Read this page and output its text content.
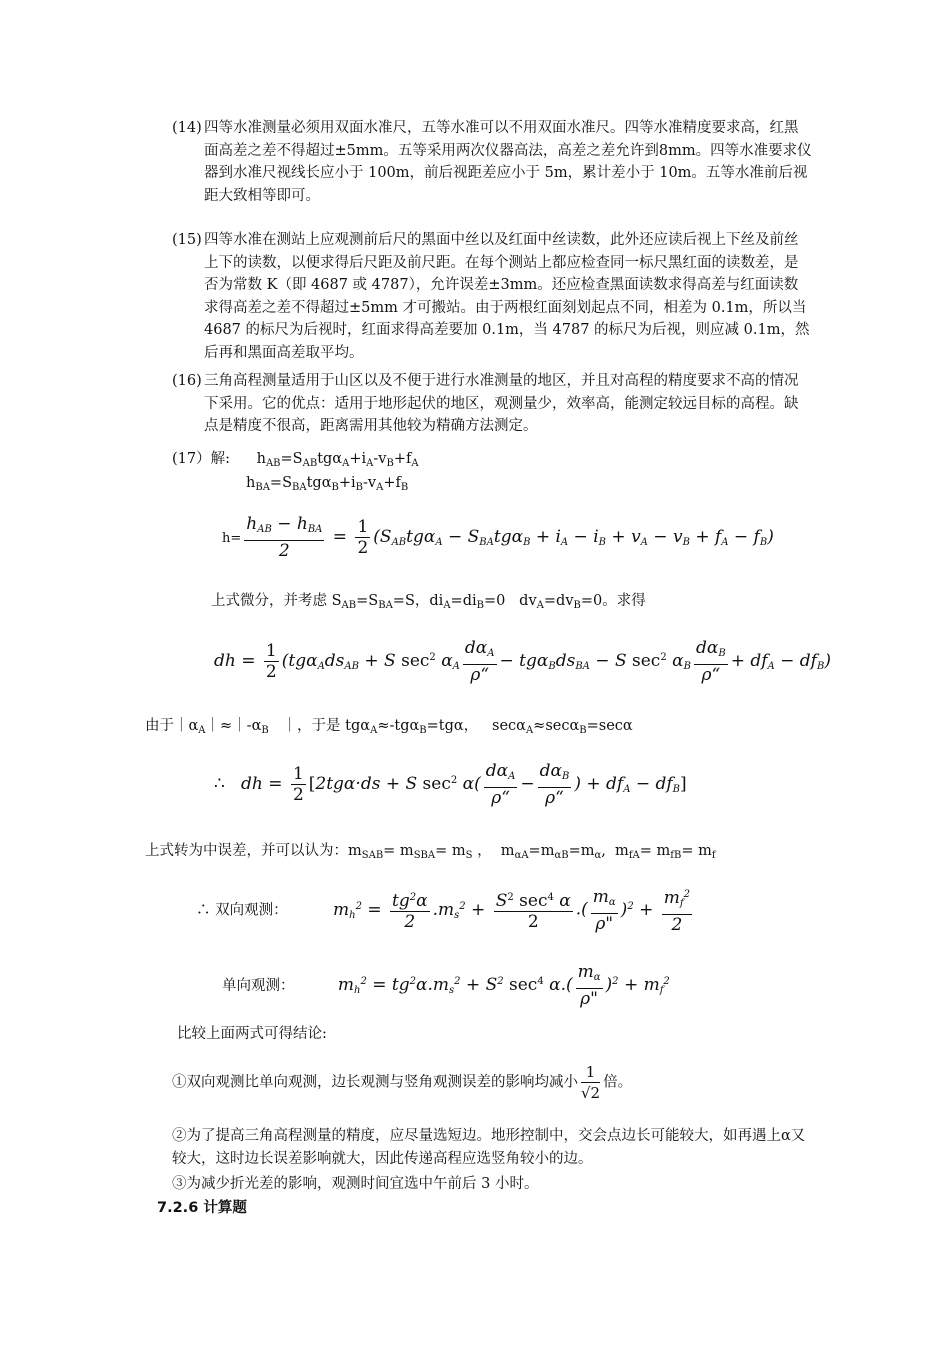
(14) 四等水准测量必须用双面水准尺，五等水准可以不用双面水准尺。四等水准精度要求高，红黑面高差之差不得超过±5mm。五等采用两次仪器高法，高差之差允许到8mm。四等水准要求仪器到水准尺视线长应小于 100m，前后视距差应小于 5m，累计差小于 10m。五等水准前后视距大致相等即可。
(15) 四等水准在测站上应观测前后尺的黑面中丝以及红面中丝读数，此外还应读后视上下丝及前丝上下的读数，以便求得后尺距及前尺距。在每个测站上都应检查同一标尺黑红面的读数差，是否为常数 K（即 4687 或 4787），允许误差±3mm。还应检查黑面读数求得高差与红面读数求得高差之差不得超过±5mm 才可搬站。由于两根红面刻划起点不同，相差为 0.1m，所以当 4687 的标尺为后视时，红面求得高差要加 0.1m，当 4787 的标尺为后视，则应减 0.1m，然后再和黑面高差取平均。
(16) 三角高程测量适用于山区以及不便于进行水准测量的地区，并且对高程的精度要求不高的情况下采用。它的优点：适用于地形起伏的地区，观测量少，效率高，能测定较远目标的高程。缺点是精度不很高，距离需用其他较为精确方法测定。
(17）解: $h_{AB}=S_{AB}tg\alpha_A+i_A-v_B+f_A$
$h_{BA}=S_{BA}tg\alpha_B+i_B-v_A+f_B$
$h= \frac{h_{AB} - h_{BA}}{2} = \frac{1}{2} (S_{AB}tg\alpha_A - S_{BA}tg\alpha_B + i_A - i_B + v_A - v_B + f_A - f_B)$
上式微分，并考虑 $S_{AB}=S_{BA}=S$，$di_A=di_B=0$   $dv_A=dv_B=0$。求得
dh = $\frac{1}{2} (tg\alpha_Ads_{AB} + S$ $\sec^2 \alpha_A \frac{d\alpha_A}{\rho“} - tg\alpha_Bds_{BA} - S$ $\sec^2 \alpha_B \frac{d\alpha_B}{\rho“} + df_A - df_B$)
由于$|\alpha_A|\approx|-\alpha_B$   ｜，于是 tgα$_A$≈-tgα$_B$=tgα，   secα$_A$≈secα$_B$=secα
∴   dh = $\frac{1}{2} [2tg\alpha\cdot ds + S$ $\sec^2 \alpha( \frac{d\alpha_A}{\rho“} - \frac{d\alpha_B}{\rho“}$ ) + $df_A - df_B$]
上式转为中误差，并可以认为：$m_{SAB}= m_{SBA}= m_S$ ，  $m_{\alpha A}=m_{\alpha B}=m_\alpha$,  $m_{fA}= m_{fB}= m_f$
∴ 双向观测：	$m_h^2 = \frac{tg^2\alpha}{2} .m_s^2 + \frac{S^2 \sec^4 \alpha}{2}$ .( $\frac{m_\alpha}{\rho"} )^2 + \frac{m_f^2}{2}$
单向观测：	$m_h^2 = tg^2\alpha.m_s^2 + S^2$ $\sec^4 \alpha.( \frac{m_\alpha}{\rho"} )^2 + m_f^2$
比较上面两式可得结论:
①双向观测比单向观测，边长观测与竖角观测误差的影响均减小 $\frac{1}{√2}$ 倍。
②为了提高三角高程测量的精度，应尽量选短边。地形控制中，交会点边长可能较大，如再遇上α又较大，这时边长误差影响就大，因此传递高程应选竖角较小的边。
③为减少折光差的影响，观测时间宜选中午前后 3 小时。
7.2.6 计算题
